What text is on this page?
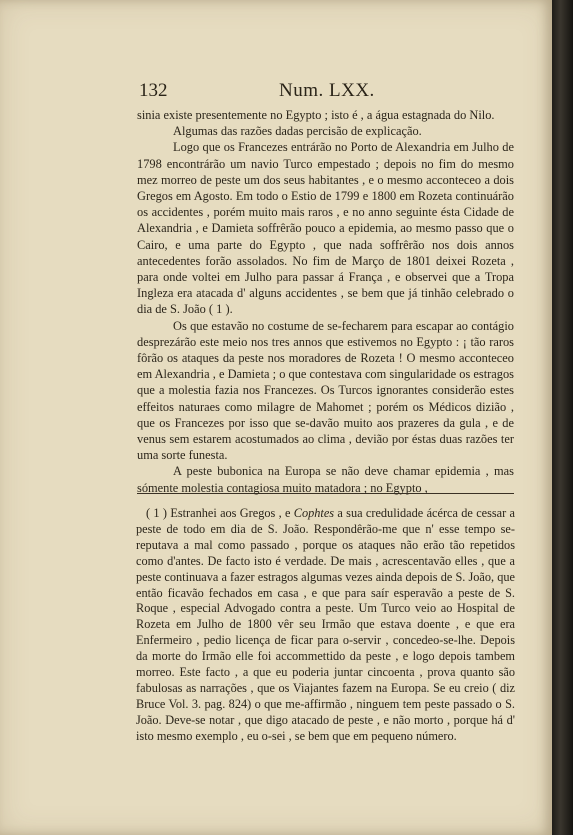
132	Num. LXX.

sinia existe presentemente no Egypto ; isto é , a água estagnada do Nilo.

Algumas das razões dadas percisão de explicação.

Logo que os Francezes entrárão no Porto de Alexandria em Julho de 1798 encontrárão um navio Turco empestado ; depois no fim do mesmo mez morreo de peste um dos seus habitantes , e o mesmo acconteceo a dois Gregos em Agosto. Em todo o Estio de 1799 e 1800 em Rozeta continuárão os accidentes , porém muito mais raros , e no anno seguinte ésta Cidade de Alexandria , e Damieta soffrêrão pouco a epidemia, ao mesmo passo que o Cairo, e uma parte do Egypto , que nada soffrêrão nos dois annos antecedentes forão assolados. No fim de Março de 1801 deixei Rozeta , para onde voltei em Julho para passar á França , e observei que a Tropa Ingleza era atacada d' alguns accidentes , se bem que já tinhão celebrado o dia de S. João ( 1 ).

Os que estavão no costume de se-fecharem para escapar ao contágio desprezárão este meio nos tres annos que estivemos no Egypto : ¡ tão raros fôrão os ataques da peste nos moradores de Rozeta ! O mesmo acconteceo em Alexandria , e Damieta ; o que contestava com singularidade os estragos que a molestia fazia nos Francezes. Os Turcos ignorantes considerão estes effeitos naturaes como milagre de Mahomet ; porém os Médicos dizião , que os Francezes por isso que se-davão muito aos prazeres da gula , e de venus sem estarem acostumados ao clima , devião por éstas duas razões ter uma sorte funesta.

A peste bubonica na Europa se não deve chamar epidemia , mas sómente molestia contagiosa muito matadora ; no Egypto ,

( 1 ) Estranhei aos Gregos , e Cophtes a sua credulidade ácérca de cessar a peste de todo em dia de S. João. Respondêrão-me que n' esse tempo se-reputava a mal como passado , porque os ataques não erão tão repetidos como d'antes. De facto isto é verdade. De mais , acrescentavão elles , que a peste continuava a fazer estragos algumas vezes ainda depois de S. João, que então ficavão fechados em casa , e que para saír esperavão a peste de S. Roque , especial Advogado contra a peste. Um Turco veio ao Hospital de Rozeta em Julho de 1800 vêr seu Irmão que estava doente , e que era Enfermeiro , pedio licença de ficar para o-servir , concedeo-se-lhe. Depois da morte do Irmão elle foi accommettido da peste , e logo depois tambem morreo. Este facto , a que eu poderia juntar cincoenta , prova quanto são fabulosas as narrações , que os Viajantes fazem na Europa. Se eu creio ( diz Bruce Vol. 3. pag. 824) o que me-affirmão , ninguem tem peste passado o S. João. Deve-se notar , que digo atacado de peste , e não morto , porque há d' isto mesmo exemplo , eu o-sei , se bem que em pequeno número.
